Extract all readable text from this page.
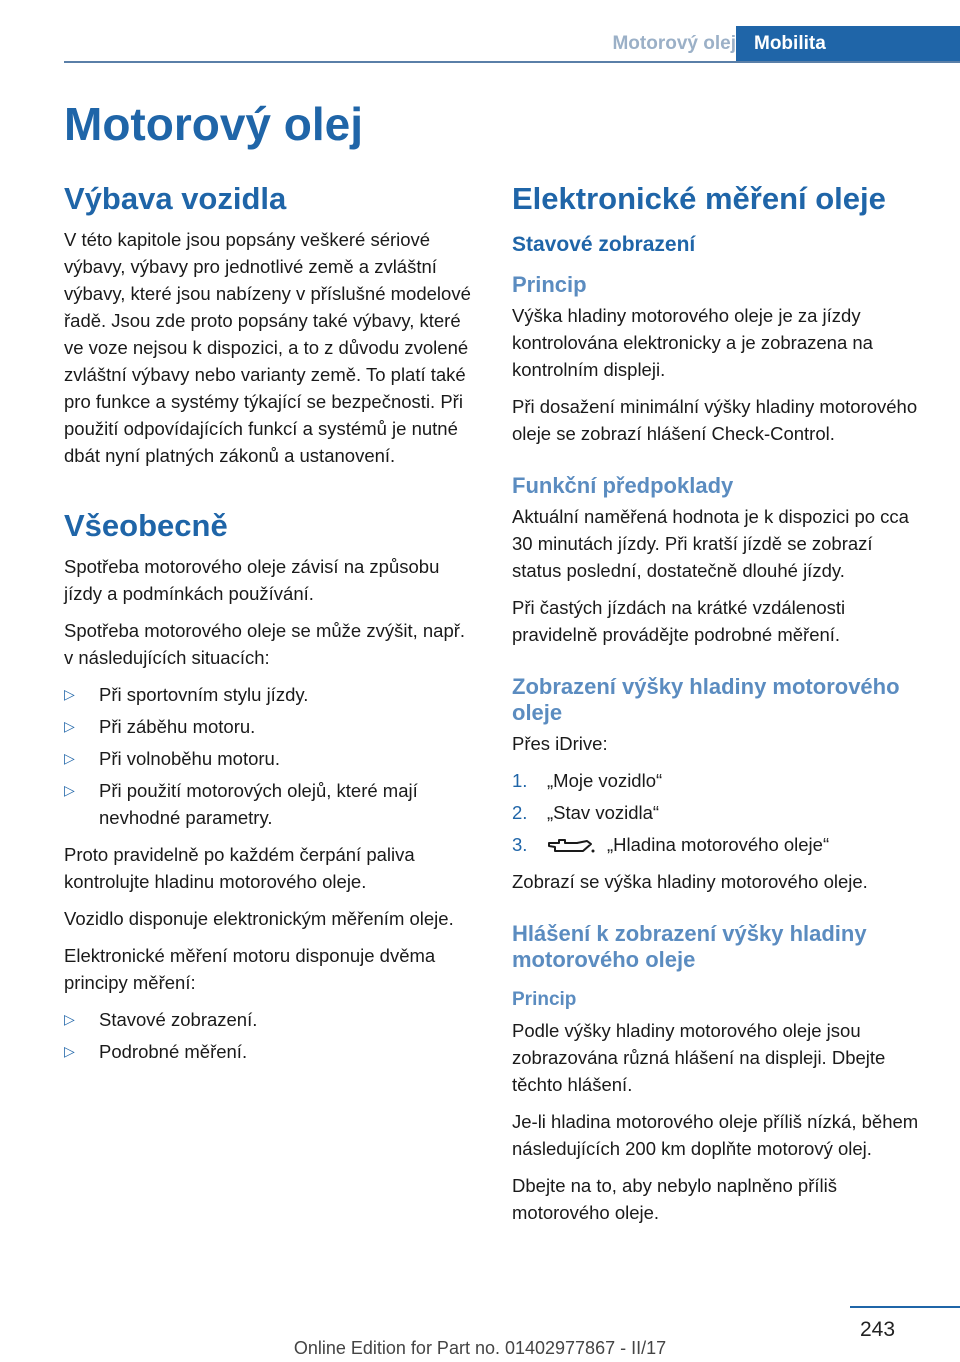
Motorový olej Mobilita
Motorový olej
Výbava vozidla

V této kapitole jsou popsány veškeré sériové výbavy, výbavy pro jednotlivé země a zvláštní výbavy, které jsou nabízeny v příslušné modelové řadě. Jsou zde proto popsány také výbavy, které ve voze nejsou k dispozici, a to z důvodu zvolené zvláštní výbavy nebo varianty země. To platí také pro funkce a systémy týkající se bezpečnosti. Při použití odpovídajících funkcí a systémů je nutné dbát nyní platných zákonů a ustanovení.

Všeobecně

Spotřeba motorového oleje závisí na způsobu jízdy a podmínkách používání.

Spotřeba motorového oleje se může zvýšit, např. v následujících situacích:

▷ Při sportovním stylu jízdy.
▷ Při záběhu motoru.
▷ Při volnoběhu motoru.
▷ Při použití motorových olejů, které mají nevhodné parametry.

Proto pravidelně po každém čerpání paliva kontrolujte hladinu motorového oleje.

Vozidlo disponuje elektronickým měřením oleje.

Elektronické měření motoru disponuje dvěma principy měření:

▷ Stavové zobrazení.
▷ Podrobné měření.
Elektronické měření oleje
Stavové zobrazení
Princip

Výška hladiny motorového oleje je za jízdy kontrolována elektronicky a je zobrazena na kontrolním displeji.

Při dosažení minimální výšky hladiny motorového oleje se zobrazí hlášení Check-Control.

Funkční předpoklady

Aktuální naměřená hodnota je k dispozici po cca 30 minutách jízdy. Při kratší jízdě se zobrazí status poslední, dostatečně dlouhé jízdy.

Při častých jízdách na krátké vzdálenosti pravidelně provádějte podrobné měření.

Zobrazení výšky hladiny motorového oleje

Přes iDrive:

1. „Moje vozidlo“
2. „Stav vozidla“
3.	„Hladina motorového oleje“

Zobrazí se výška hladiny motorového oleje.

Hlášení k zobrazení výšky hladiny motorového oleje
Princip

Podle výšky hladiny motorového oleje jsou zobrazována různá hlášení na displeji. Dbejte těchto hlášení.

Je-li hladina motorového oleje příliš nízká, během následujících 200 km doplňte motorový olej.

Dbejte na to, aby nebylo naplněno příliš motorového oleje.

243
Online Edition for Part no. 01402977867 - II/17
